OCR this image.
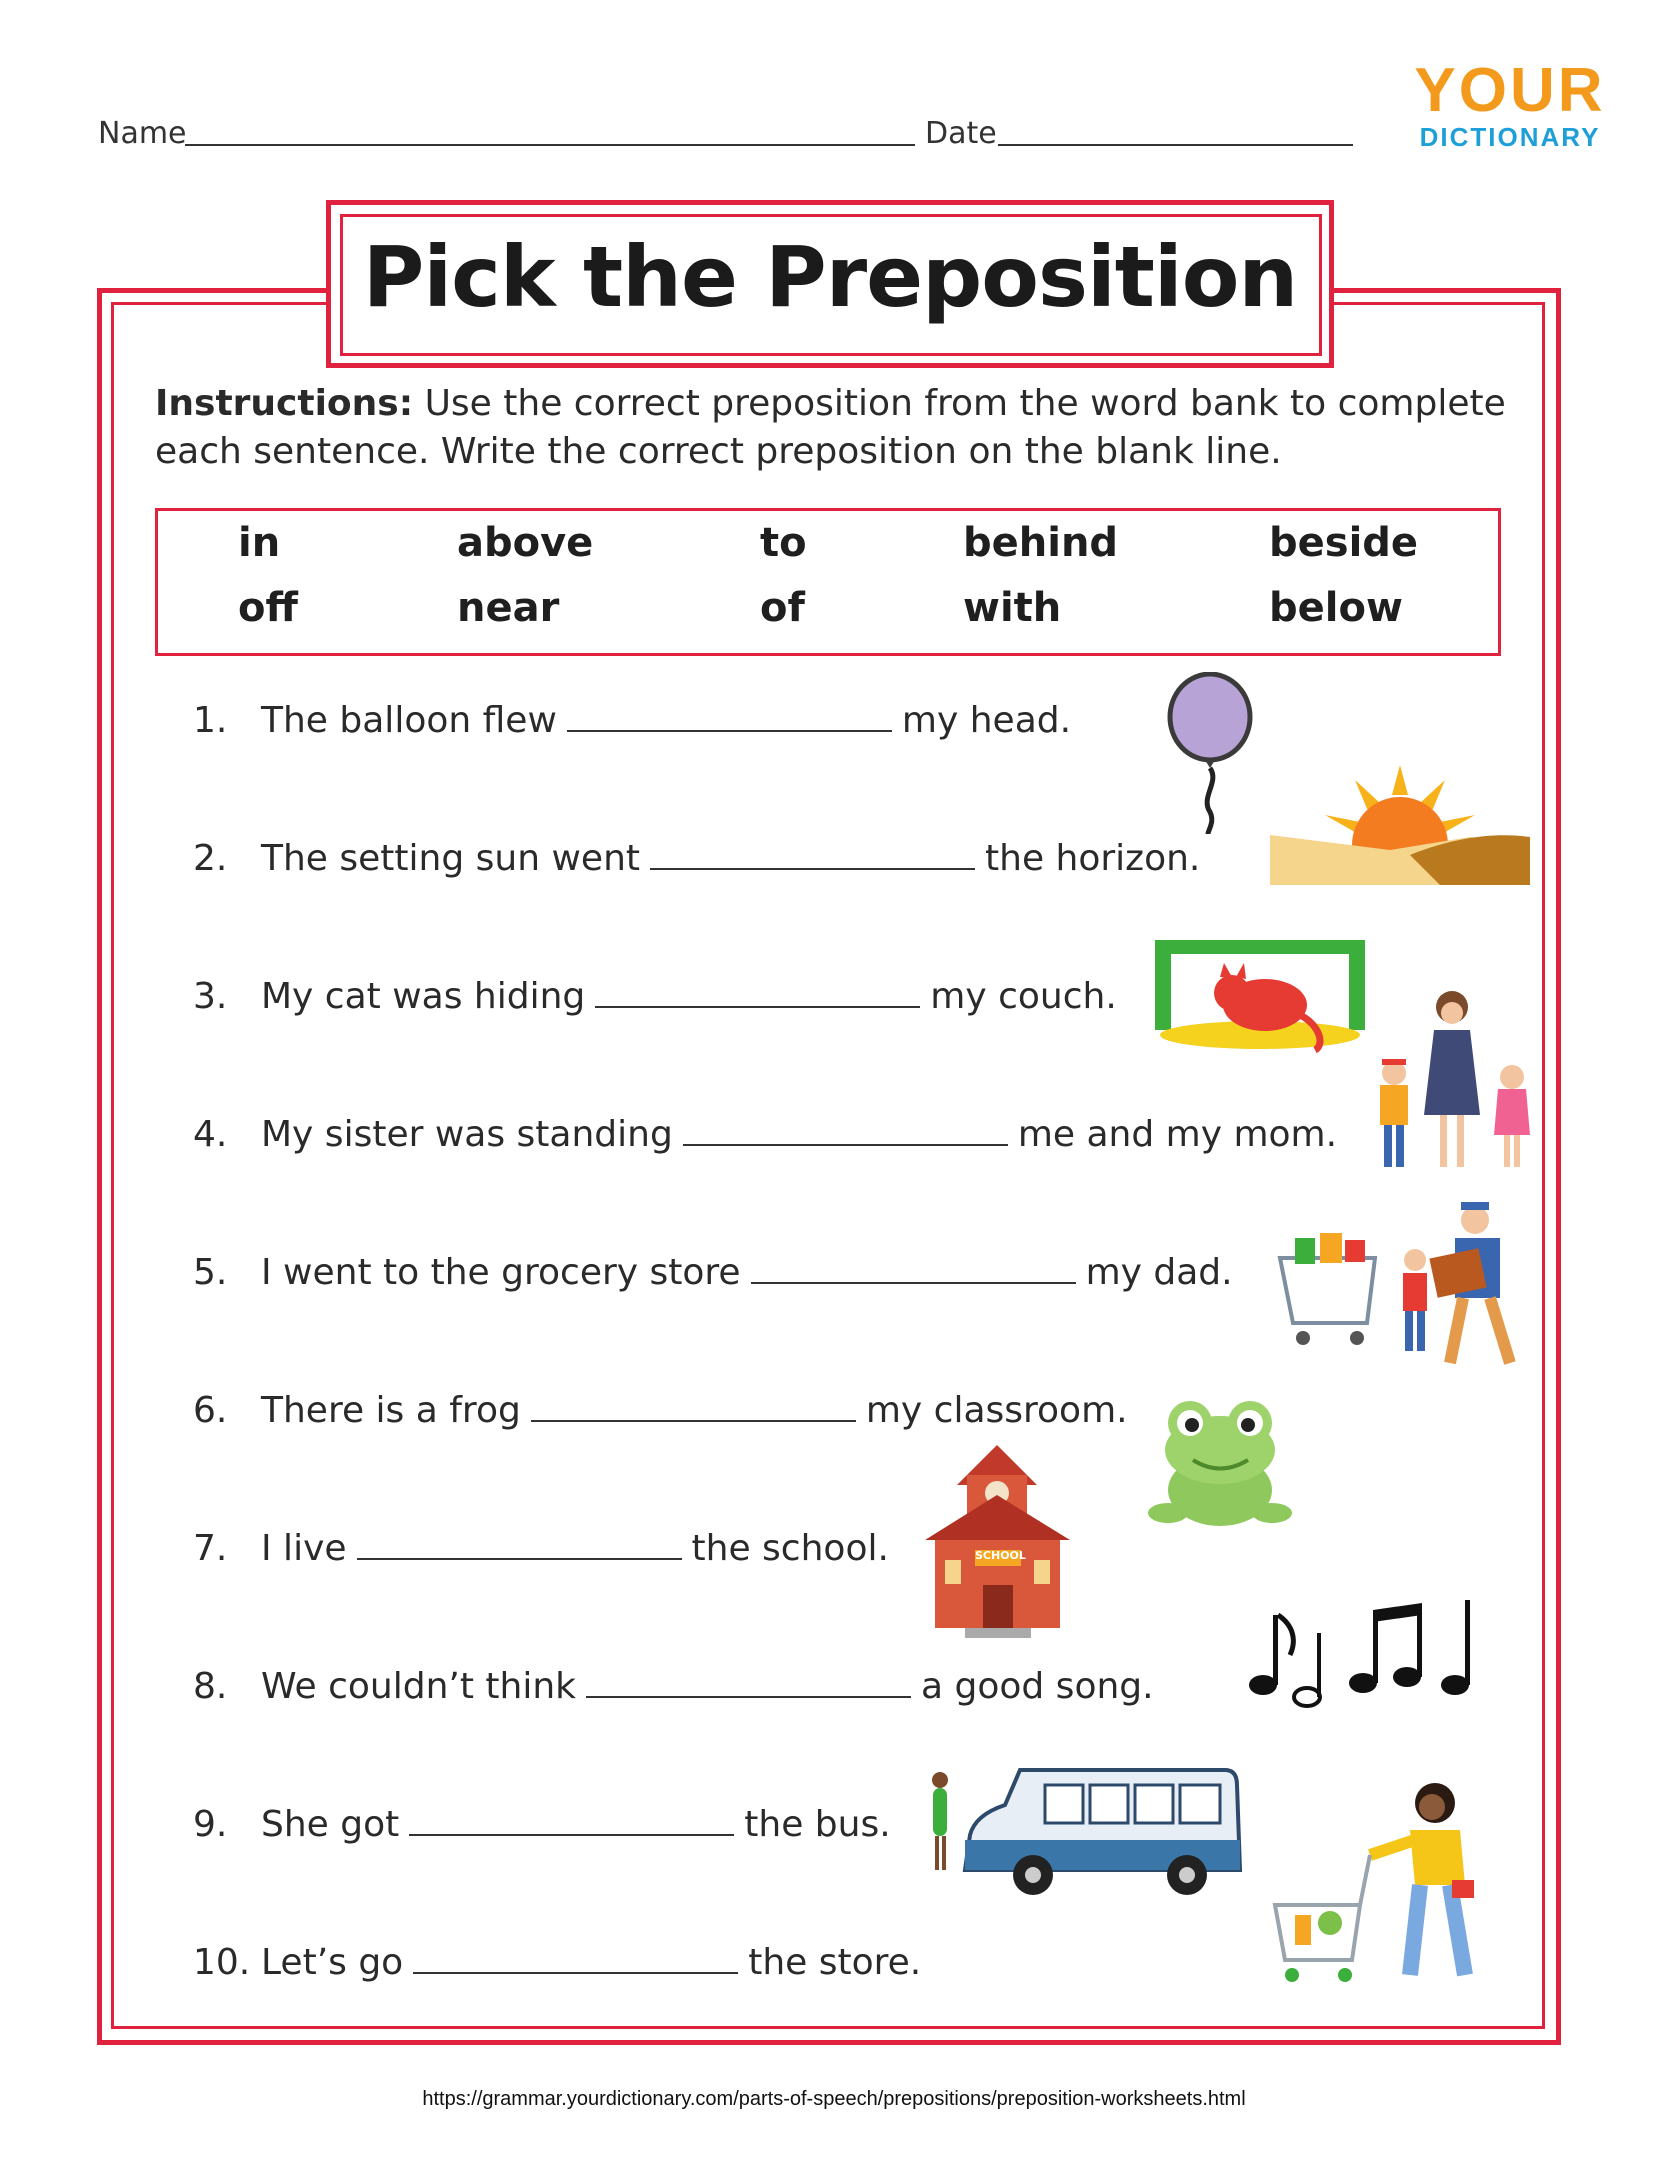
Name	Date
YOUR
DICTIONARY
Pick the Preposition
Instructions: Use the correct preposition from the word bank to complete
each sentence. Write the correct preposition on the blank line.
in	above	to	behind	beside
off	near	of	with	below
1. The balloon flew	my head.
2. The setting sun went	the horizon.
3. My cat was hiding	my couch.
4. My sister was standing	me and my mom.
5. I went to the grocery store	my dad.
6. There is a frog	my classroom.
7. I live	the school.
8. We couldn’t think	a good song.
9. She got	the bus.
10. Let’s go	the store.
SCHOOL
https://grammar.yourdictionary.com/parts-of-speech/prepositions/preposition-worksheets.html
